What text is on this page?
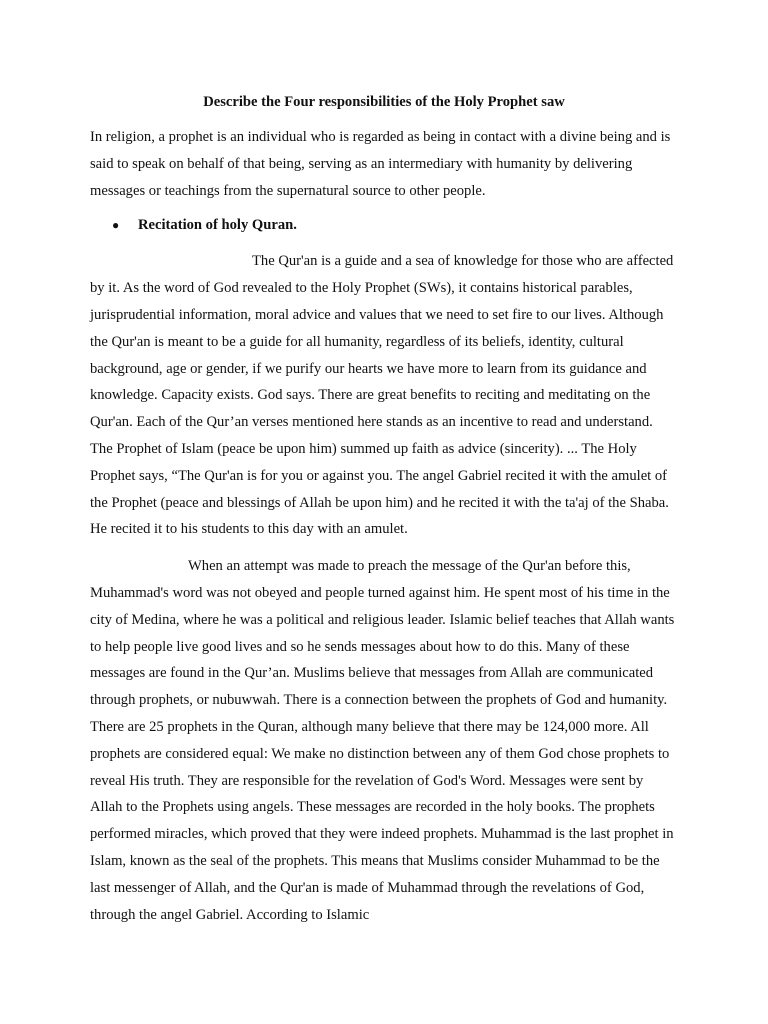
Describe the Four responsibilities of the Holy Prophet saw

In religion, a prophet is an individual who is regarded as being in contact with a divine being and is said to speak on behalf of that being, serving as an intermediary with humanity by delivering messages or teachings from the supernatural source to other people.

● Recitation of holy Quran.

The Qur'an is a guide and a sea of knowledge for those who are affected by it. As the word of God revealed to the Holy Prophet (SWs), it contains historical parables, jurisprudential information, moral advice and values that we need to set fire to our lives. Although the Qur'an is meant to be a guide for all humanity, regardless of its beliefs, identity, cultural background, age or gender, if we purify our hearts we have more to learn from its guidance and knowledge. Capacity exists. God says. There are great benefits to reciting and meditating on the Qur'an. Each of the Qur’an verses mentioned here stands as an incentive to read and understand. The Prophet of Islam (peace be upon him) summed up faith as advice (sincerity). ... The Holy Prophet says, “The Qur'an is for you or against you. The angel Gabriel recited it with the amulet of the Prophet (peace and blessings of Allah be upon him) and he recited it with the ta'aj of the Shaba. He recited it to his students to this day with an amulet.

When an attempt was made to preach the message of the Qur'an before this, Muhammad's word was not obeyed and people turned against him. He spent most of his time in the city of Medina, where he was a political and religious leader. Islamic belief teaches that Allah wants to help people live good lives and so he sends messages about how to do this. Many of these messages are found in the Qur’an. Muslims believe that messages from Allah are communicated through prophets, or nubuwwah. There is a connection between the prophets of God and humanity. There are 25 prophets in the Quran, although many believe that there may be 124,000 more. All prophets are considered equal: We make no distinction between any of them God chose prophets to reveal His truth. They are responsible for the revelation of God's Word. Messages were sent by Allah to the Prophets using angels. These messages are recorded in the holy books. The prophets performed miracles, which proved that they were indeed prophets. Muhammad is the last prophet in Islam, known as the seal of the prophets. This means that Muslims consider Muhammad to be the last messenger of Allah, and the Qur'an is made of Muhammad through the revelations of God, through the angel Gabriel. According to Islamic
